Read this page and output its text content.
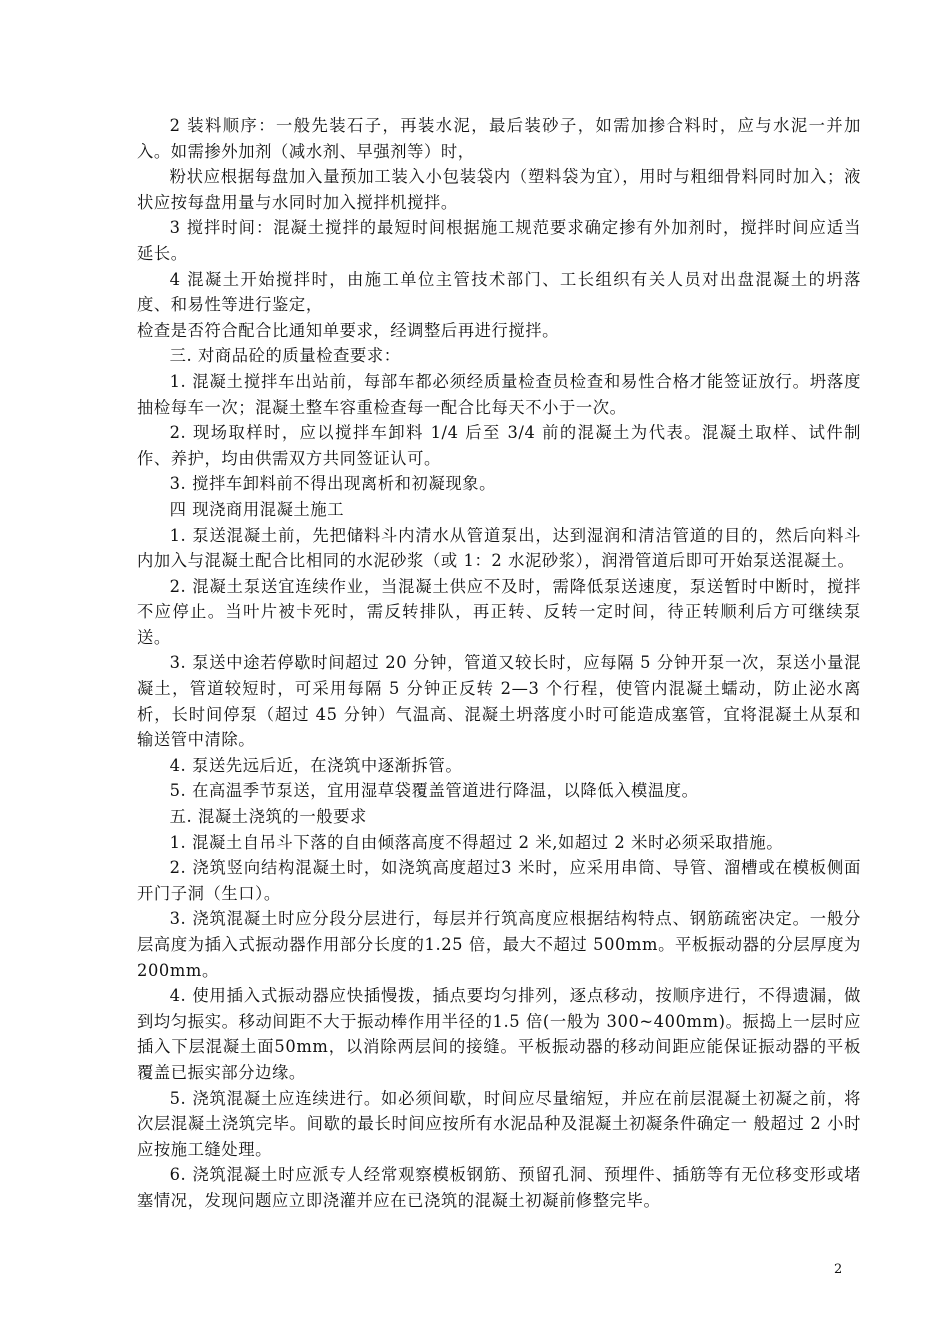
2 装料顺序：一般先装石子，再装水泥，最后装砂子，如需加掺合料时，应与水泥一并加入。如需掺外加剂（减水剂、早强剂等）时，

粉状应根据每盘加入量预加工装入小包装袋内（塑料袋为宜），用时与粗细骨料同时加入；液状应按每盘用量与水同时加入搅拌机搅拌。

3 搅拌时间：混凝土搅拌的最短时间根据施工规范要求确定掺有外加剂时，搅拌时间应适当延长。

4 混凝土开始搅拌时，由施工单位主管技术部门、工长组织有关人员对出盘混凝土的坍落度、和易性等进行鉴定，

检查是否符合配合比通知单要求，经调整后再进行搅拌。

三. 对商品砼的质量检查要求：

1. 混凝土搅拌车出站前，每部车都必须经质量检查员检查和易性合格才能签证放行。坍落度抽检每车一次；混凝土整车容重检查每一配合比每天不小于一次。

2. 现场取样时，应以搅拌车卸料 1/4 后至 3/4 前的混凝土为代表。混凝土取样、试件制作、养护，均由供需双方共同签证认可。

3. 搅拌车卸料前不得出现离析和初凝现象。

四 现浇商用混凝土施工

1. 泵送混凝土前，先把储料斗内清水从管道泵出，达到湿润和清洁管道的目的，然后向料斗内加入与混凝土配合比相同的水泥砂浆（或 1：2 水泥砂浆），润滑管道后即可开始泵送混凝土。

2. 混凝土泵送宜连续作业，当混凝土供应不及时，需降低泵送速度，泵送暂时中断时，搅拌不应停止。当叶片被卡死时，需反转排队，再正转、反转一定时间，待正转顺利后方可继续泵送。

3. 泵送中途若停歇时间超过 20 分钟，管道又较长时，应每隔 5 分钟开泵一次，泵送小量混凝土，管道较短时，可采用每隔 5 分钟正反转 2—3 个行程，使管内混凝土蠕动，防止泌水离析，长时间停泵（超过 45 分钟）气温高、混凝土坍落度小时可能造成塞管，宜将混凝土从泵和输送管中清除。

4. 泵送先远后近，在浇筑中逐渐拆管。

5. 在高温季节泵送，宜用湿草袋覆盖管道进行降温，以降低入模温度。

五. 混凝土浇筑的一般要求

1. 混凝土自吊斗下落的自由倾落高度不得超过 2 米,如超过 2 米时必须采取措施。

2. 浇筑竖向结构混凝土时，如浇筑高度超过3 米时，应采用串筒、导管、溜槽或在模板侧面开门子洞（生口）。

3. 浇筑混凝土时应分段分层进行，每层并行筑高度应根据结构特点、钢筋疏密决定。一般分层高度为插入式振动器作用部分长度的1.25 倍，最大不超过 500mm。平板振动器的分层厚度为200mm。

4. 使用插入式振动器应快插慢拨，插点要均匀排列，逐点移动，按顺序进行，不得遗漏，做到均匀振实。移动间距不大于振动棒作用半径的1.5 倍(一般为 300~400mm)。振捣上一层时应插入下层混凝土面50mm，以消除两层间的接缝。平板振动器的移动间距应能保证振动器的平板覆盖已振实部分边缘。

5. 浇筑混凝土应连续进行。如必须间歇，时间应尽量缩短，并应在前层混凝土初凝之前，将次层混凝土浇筑完毕。间歇的最长时间应按所有水泥品种及混凝土初凝条件确定一 般超过 2 小时应按施工缝处理。

6. 浇筑混凝土时应派专人经常观察模板钢筋、预留孔洞、预埋件、插筋等有无位移变形或堵塞情况，发现问题应立即浇灌并应在已浇筑的混凝土初凝前修整完毕。

2
